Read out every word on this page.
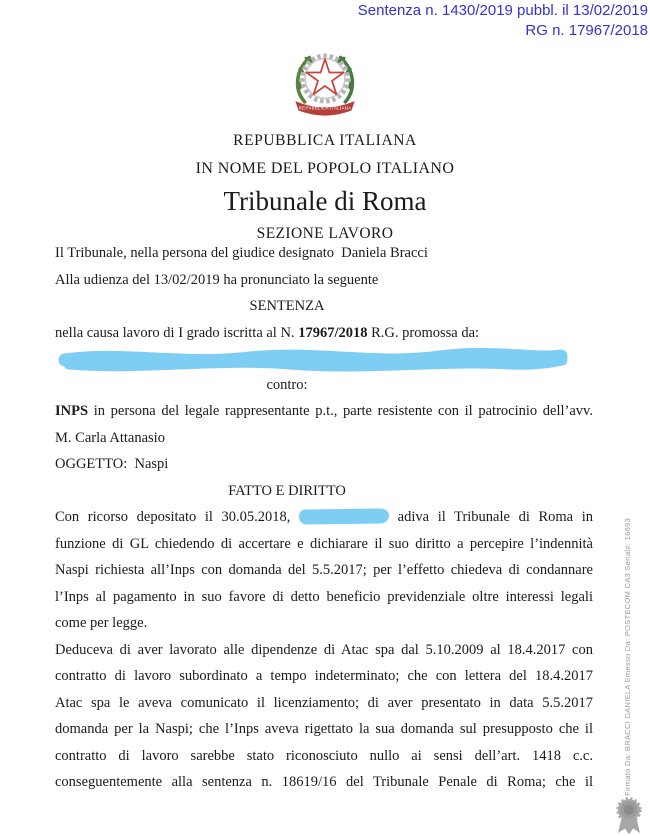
Sentenza n. 1430/2019 pubbl. il 13/02/2019
RG n. 17967/2018
REPVBBLICA ITALIANA
REPUBBLICA ITALIANA
IN NOME DEL POPOLO ITALIANO
Tribunale di Roma
SEZIONE LAVORO
Il Tribunale, nella persona del giudice designato  Daniela Bracci
Alla udienza del 13/02/2019 ha pronunciato la seguente
SENTENZA
nella causa lavoro di I grado iscritta al N. 17967/2018 R.G. promossa da:
contro:
INPS in persona del legale rappresentante p.t., parte resistente con il patrocinio dell’avv.
M. Carla Attanasio
OGGETTO:  Naspi
FATTO E DIRITTO
Con ricorso depositato il 30.05.2018,	adiva il Tribunale di Roma in
funzione di GL chiedendo di accertare e dichiarare il suo diritto a percepire l’indennità
Naspi richiesta all’Inps con domanda del 5.5.2017; per l’effetto chiedeva di condannare
l’Inps al pagamento in suo favore di detto beneficio previdenziale oltre interessi legali
come per legge.
Deduceva di aver lavorato alle dipendenze di Atac spa dal 5.10.2009 al 18.4.2017 con
contratto di lavoro subordinato a tempo indeterminato; che con lettera del 18.4.2017
Atac spa le aveva comunicato il licenziamento; di aver presentato in data 5.5.2017
domanda per la Naspi; che l’Inps aveva rigettato la sua domanda sul presupposto che il
contratto di lavoro sarebbe stato riconosciuto nullo ai sensi dell’art. 1418 c.c.
conseguentemente alla sentenza n. 18619/16 del Tribunale Penale di Roma; che il	Firmato Da: BRACCI DANIELA Emesso Da: POSTECOM CA3 Serial#: 16693
